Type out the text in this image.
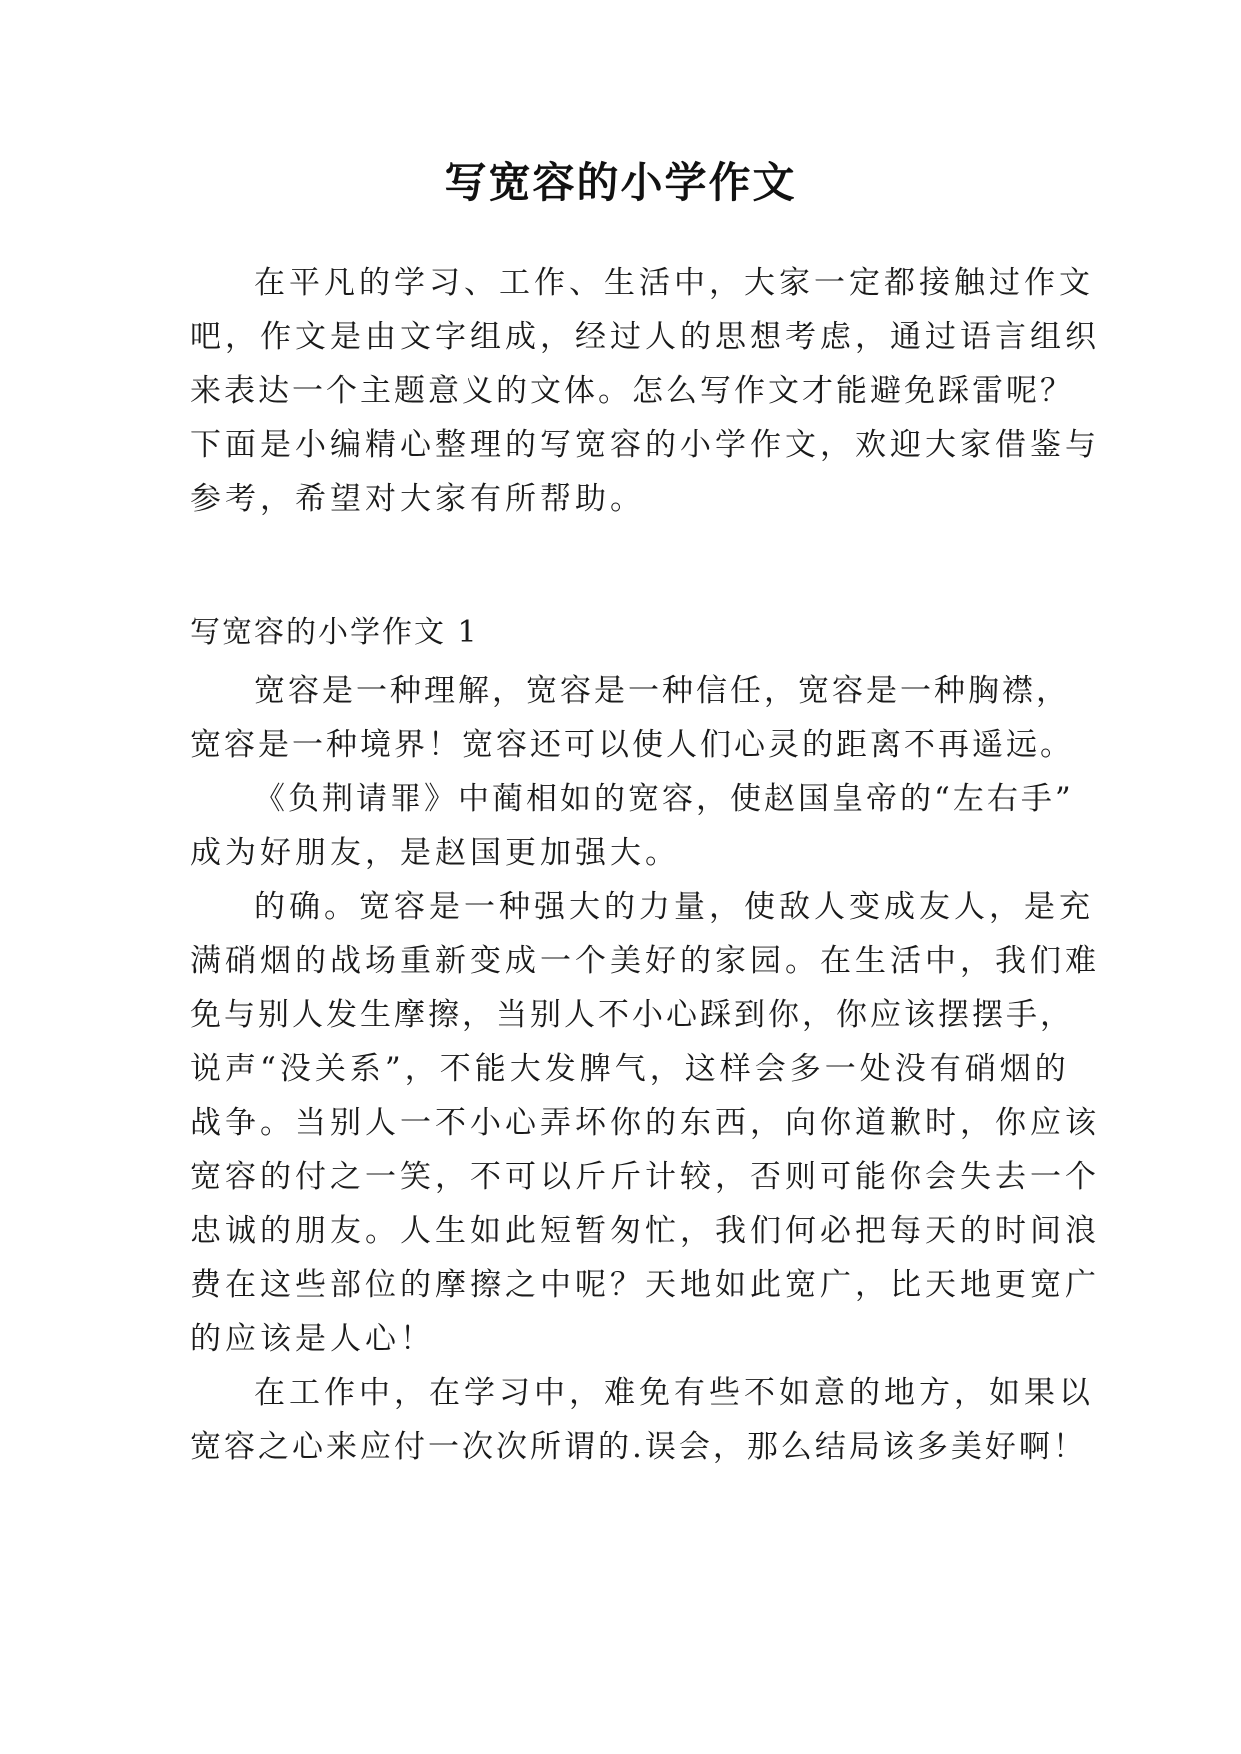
写宽容的小学作文
在平凡的学习、工作、生活中，大家一定都接触过作文
吧，作文是由文字组成，经过人的思想考虑，通过语言组织
来表达一个主题意义的文体。怎么写作文才能避免踩雷呢？
下面是小编精心整理的写宽容的小学作文，欢迎大家借鉴与
参考，希望对大家有所帮助。
写宽容的小学作文 1
宽容是一种理解，宽容是一种信任，宽容是一种胸襟，
宽容是一种境界！宽容还可以使人们心灵的距离不再遥远。
《负荆请罪》中蔺相如的宽容，使赵国皇帝的“左右手”
成为好朋友，是赵国更加强大。
的确。宽容是一种强大的力量，使敌人变成友人，是充
满硝烟的战场重新变成一个美好的家园。在生活中，我们难
免与别人发生摩擦，当别人不小心踩到你，你应该摆摆手，
说声“没关系”，不能大发脾气，这样会多一处没有硝烟的
战争。当别人一不小心弄坏你的东西，向你道歉时，你应该
宽容的付之一笑，不可以斤斤计较，否则可能你会失去一个
忠诚的朋友。人生如此短暂匆忙，我们何必把每天的时间浪
费在这些部位的摩擦之中呢？天地如此宽广，比天地更宽广
的应该是人心！
在工作中，在学习中，难免有些不如意的地方，如果以
宽容之心来应付一次次所谓的.误会，那么结局该多美好啊！
